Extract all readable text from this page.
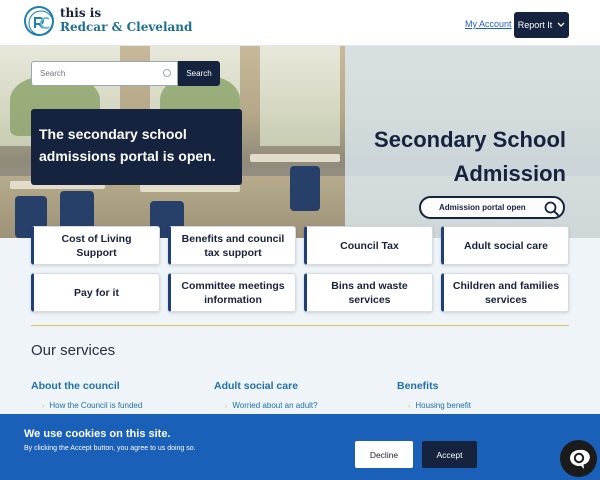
this is
Redcar & Cleveland	My Account Report It
Secondary School
Admission
Search
Search
The secondary school
admissions portal is open.
Admission portal open
Cost of Living Support
Benefits and council
tax support
Council Tax	Adult social care
Pay for it
Committee meetings
information
Bins and waste
services
Children and families
services
Our services
About the council	Adult social care	Benefits
› How the Council is funded	› Worried about an adult?	› Housing benefit
We use cookies on this site.
By clicking the Accept button, you agree to us doing so.
Decline	Accept
